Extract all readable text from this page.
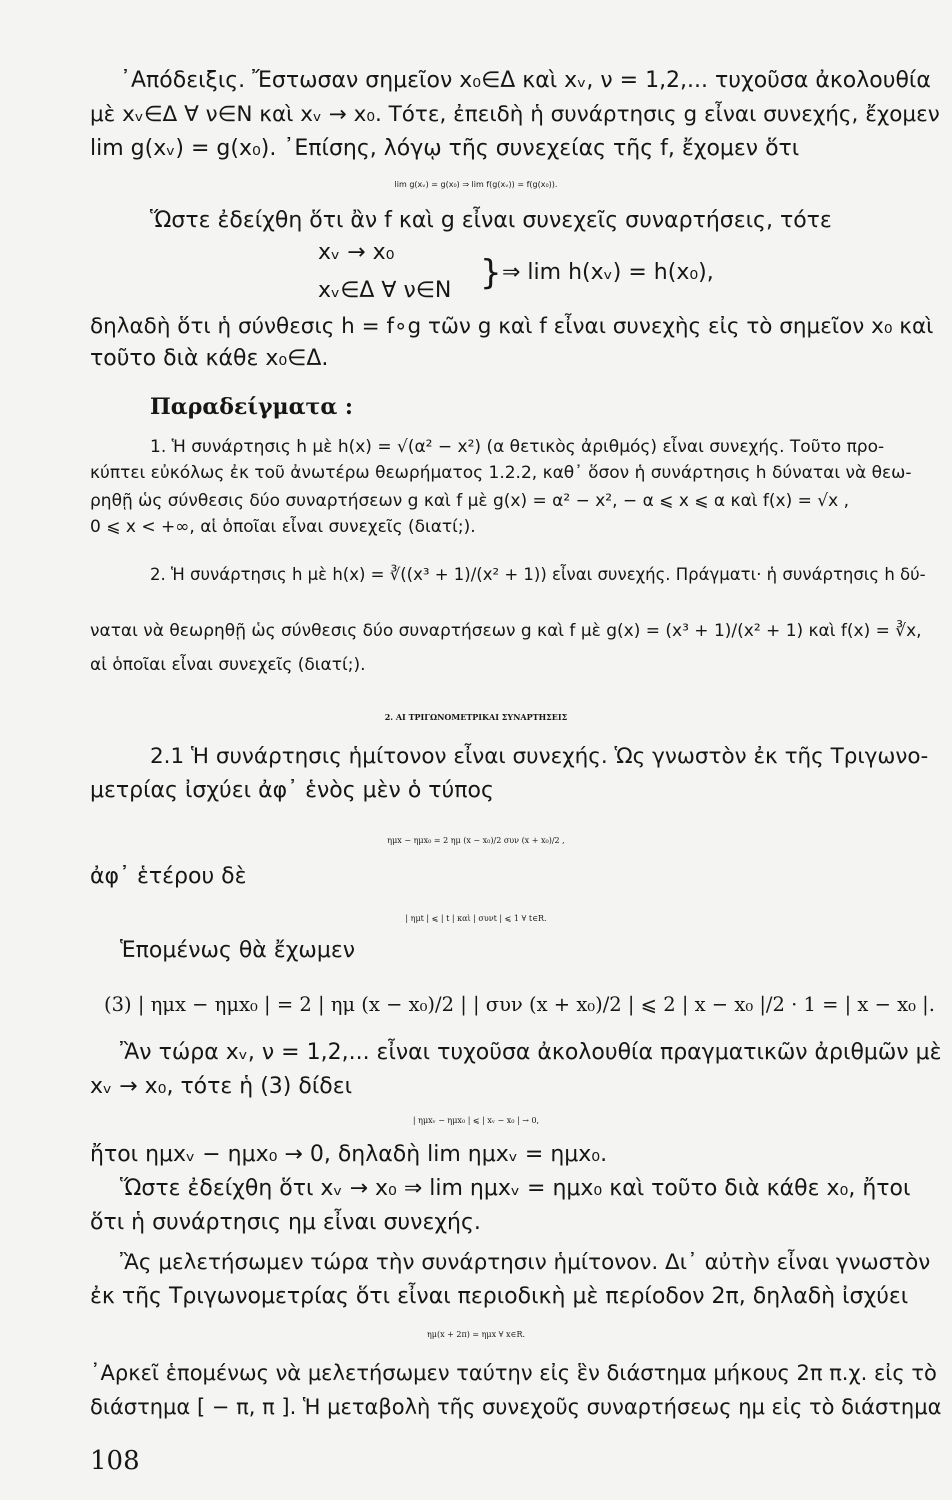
᾿Απόδειξις. Ἔστωσαν σημεῖον x₀∈Δ καὶ xᵥ, ν = 1,2,... τυχοῦσα ἀκολουθία
μὲ xᵥ∈Δ ∀ ν∈N καὶ xᵥ → x₀. Τότε, ἐπειδὴ ἡ συνάρτησις g εἶναι συνεχής, ἔχομεν
lim g(xᵥ) = g(x₀). ᾿Επίσης, λόγῳ τῆς συνεχείας τῆς f, ἔχομεν ὅτι
lim g(xᵥ) = g(x₀) ⇒ lim f(g(xᵥ)) = f(g(x₀)).
Ὥστε ἐδείχθη ὅτι ἂν f καὶ g εἶναι συνεχεῖς συναρτήσεις, τότε
xᵥ → x₀
} ⇒ lim h(xᵥ) = h(x₀),
xᵥ∈Δ ∀ ν∈N
δηλαδὴ ὅτι ἡ σύνθεσις h = f∘g τῶν g καὶ f εἶναι συνεχὴς εἰς τὸ σημεῖον x₀ καὶ
τοῦτο διὰ κάθε x₀∈Δ.
Παραδείγματα :
1. Ἡ συνάρτησις h μὲ h(x) = √(α² − x²) (α θετικὸς ἀριθμός) εἶναι συνεχής. Τοῦτο προ-
κύπτει εὐκόλως ἐκ τοῦ ἀνωτέρω θεωρήματος 1.2.2, καθ᾿ ὅσον ἡ συνάρτησις h δύναται νὰ θεω-
ρηθῇ ὡς σύνθεσις δύο συναρτήσεων g καὶ f μὲ g(x) = α² − x², − α ⩽ x ⩽ α καὶ f(x) = √x ,
0 ⩽ x < +∞, αἱ ὁποῖαι εἶναι συνεχεῖς (διατί;).
2. Ἡ συνάρτησις h μὲ h(x) = ∛((x³ + 1)/(x² + 1)) εἶναι συνεχής. Πράγματι· ἡ συνάρτησις h δύ-
ναται νὰ θεωρηθῇ ὡς σύνθεσις δύο συναρτήσεων g καὶ f μὲ g(x) = (x³ + 1)/(x² + 1) καὶ f(x) = ∛x,
αἱ ὁποῖαι εἶναι συνεχεῖς (διατί;).
2. ΑΙ ΤΡΙΓΩΝΟΜΕΤΡΙΚΑΙ ΣΥΝΑΡΤΗΣΕΙΣ
2.1 Ἡ συνάρτησις ἡμίτονον εἶναι συνεχής. Ὡς γνωστὸν ἐκ τῆς Τριγωνο-
μετρίας ἰσχύει ἀφ᾿ ἑνὸς μὲν ὁ τύπος
ημx − ημx₀ = 2 ημ (x − x₀)/2 συν (x + x₀)/2 ,
ἀφ᾿ ἑτέρου δὲ
| ημt | ⩽ | t | καὶ | συνt | ⩽ 1 ∀ t∈R.
Ἑπομένως θὰ ἔχωμεν
(3) | ημx − ημx₀ | = 2 | ημ (x − x₀)/2 | | συν (x + x₀)/2 | ⩽ 2 | x − x₀ |/2 · 1 = | x − x₀ |.
Ἂν τώρα xᵥ, ν = 1,2,... εἶναι τυχοῦσα ἀκολουθία πραγματικῶν ἀριθμῶν μὲ
xᵥ → x₀, τότε ἡ (3) δίδει
| ημxᵥ − ημx₀ | ⩽ | xᵥ − x₀ | → 0,
ἤτοι ημxᵥ − ημx₀ → 0, δηλαδὴ lim ημxᵥ = ημx₀.
Ὥστε ἐδείχθη ὅτι xᵥ → x₀ ⇒ lim ημxᵥ = ημx₀ καὶ τοῦτο διὰ κάθε x₀, ἤτοι
ὅτι ἡ συνάρτησις ημ εἶναι συνεχής.
Ἂς μελετήσωμεν τώρα τὴν συνάρτησιν ἡμίτονον. Δι᾿ αὐτὴν εἶναι γνωστὸν
ἐκ τῆς Τριγωνομετρίας ὅτι εἶναι περιοδικὴ μὲ περίοδον 2π, δηλαδὴ ἰσχύει
ημ(x + 2π) = ημx ∀ x∈R.
᾿Αρκεῖ ἑπομένως νὰ μελετήσωμεν ταύτην εἰς ἓν διάστημα μήκους 2π π.χ. εἰς τὸ
διάστημα [ − π, π ]. Ἡ μεταβολὴ τῆς συνεχοῦς συναρτήσεως ημ εἰς τὸ διάστημα
108
